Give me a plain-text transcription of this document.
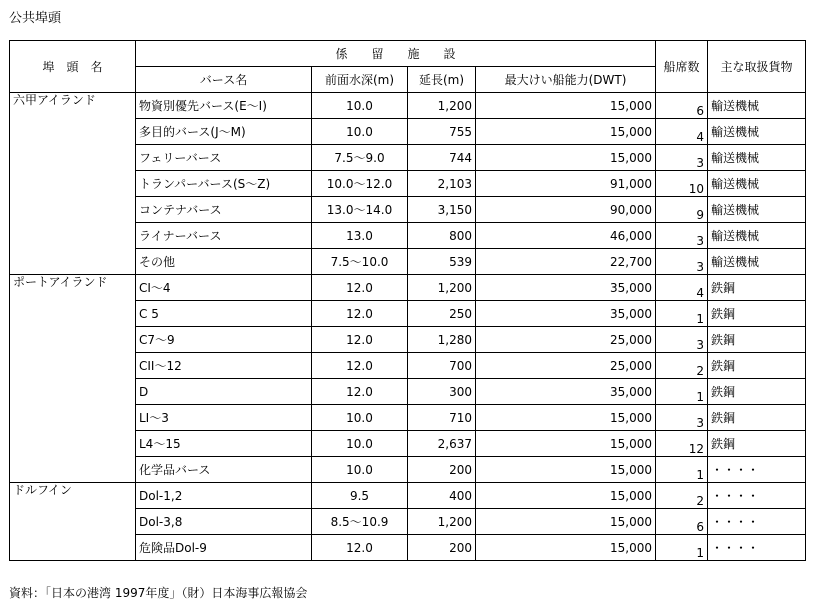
公共埠頭
埠　頭　名	係　　留　　施　　設				船席数	主な取扱貨物
	バース名	前面水深(m)	延長(m)	最大けい船能力(DWT)		
六甲アイランド	物資別優先バース(E〜I)	10.0	1,200	15,000	6	輸送機械
	多目的バース(J〜M)	10.0	755	15,000	4	輸送機械
	フェリーバース	7.5〜9.0	744	15,000	3	輸送機械
	トランパーバース(S〜Z)	10.0〜12.0	2,103	91,000	10	輸送機械
	コンテナバース	13.0〜14.0	3,150	90,000	9	輸送機械
	ライナーバース	13.0	800	46,000	3	輸送機械
	その他	7.5〜10.0	539	22,700	3	輸送機械
ポートアイランド	CI〜4	12.0	1,200	35,000	4	鉄鋼
	C 5	12.0	250	35,000	1	鉄鋼
	C7〜9	12.0	1,280	25,000	3	鉄鋼
	CII〜12	12.0	700	25,000	2	鉄鋼
	D	12.0	300	35,000	1	鉄鋼
	LI〜3	10.0	710	15,000	3	鉄鋼
	L4〜15	10.0	2,637	15,000	12	鉄鋼
	化学品バース	10.0	200	15,000	1	・・・・
ドルフイン	Dol-1,2	9.5	400	15,000	2	・・・・
	Dol-3,8	8.5〜10.9	1,200	15,000	6	・・・・
	危険品Dol-9	12.0	200	15,000	1	・・・・
資料：「日本の港湾 1997年度」（財）日本海事広報協会
